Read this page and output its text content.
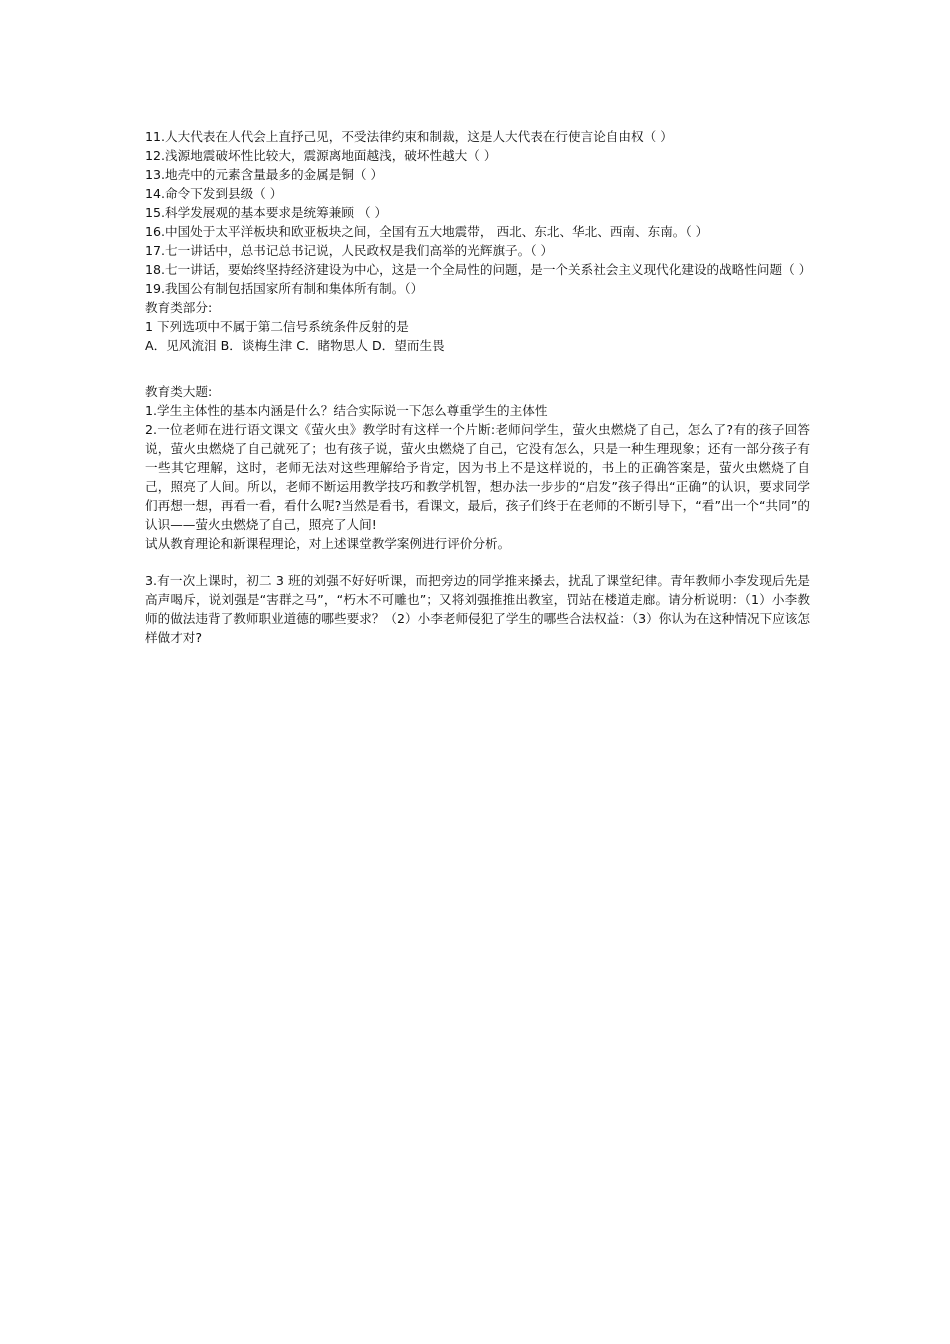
11.人大代表在人代会上直抒己见，不受法律约束和制裁，这是人大代表在行使言论自由权（ ）
12.浅源地震破坏性比较大，震源离地面越浅，破坏性越大（ ）
13.地壳中的元素含量最多的金属是铜（ ）
14.命令下发到县级（ ）
15.科学发展观的基本要求是统筹兼顾 （ ）
16.中国处于太平洋板块和欧亚板块之间，全国有五大地震带， 西北、东北、华北、西南、东南。（ ）
17.七一讲话中，总书记总书记说，人民政权是我们高举的光辉旗子。（ ）
18.七一讲话，要始终坚持经济建设为中心，这是一个全局性的问题，是一个关系社会主义现代化建设的战略性问题（ ）
19.我国公有制包括国家所有制和集体所有制。（）
教育类部分:
1 下列选项中不属于第二信号系统条件反射的是
A．见风流泪 B．谈梅生津 C．睹物思人 D．望而生畏
教育类大题:
1.学生主体性的基本内涵是什么？结合实际说一下怎么尊重学生的主体性
2.一位老师在进行语文课文《萤火虫》教学时有这样一个片断:老师问学生，萤火虫燃烧了自己，怎么了?有的孩子回答说，萤火虫燃烧了自己就死了；也有孩子说，萤火虫燃烧了自己，它没有怎么，只是一种生理现象；还有一部分孩子有一些其它理解，这时，老师无法对这些理解给予肯定，因为书上不是这样说的，书上的正确答案是，萤火虫燃烧了自己，照亮了人间。所以，老师不断运用教学技巧和教学机智，想办法一步步的“启发”孩子得出“正确”的认识，要求同学们再想一想，再看一看，看什么呢?当然是看书，看课文，最后，孩子们终于在老师的不断引导下，“看”出一个“共同”的认识——萤火虫燃烧了自己，照亮了人间!
试从教育理论和新课程理论，对上述课堂教学案例进行评价分析。
3.有一次上课时，初二 3 班的刘强不好好听课，而把旁边的同学推来搡去，扰乱了课堂纪律。青年教师小李发现后先是高声喝斥，说刘强是“害群之马”，“朽木不可雕也”；又将刘强推推出教室，罚站在楼道走廊。请分析说明：（1）小李教师的做法违背了教师职业道德的哪些要求？（2）小李老师侵犯了学生的哪些合法权益：（3）你认为在这种情况下应该怎样做才对?
